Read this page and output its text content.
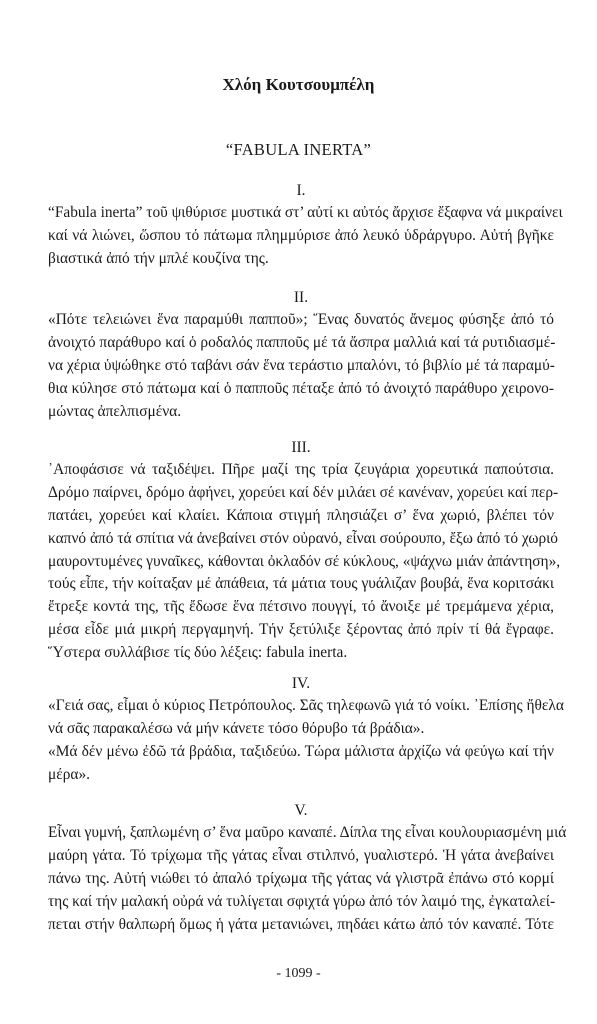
Χλόη Κουτσουμπέλη
“FABULA INERTA”
I.

“Fabula inerta” τοῦ ψιθύρισε μυστικά στ’ αὐτί κι αὐτός ἄρχισε ἔξαφνα νά μικραίνει

καί νά λιώνει, ὥσπου τό πάτωμα πλημμύρισε ἀπό λευκό ὑδράργυρο. Αὐτή βγῆκε

βιαστικά ἀπό τήν μπλέ κουζίνα της.

II.

«Πότε τελειώνει ἕνα παραμύθι παπποῦ»; Ἕνας δυνατός ἄνεμος φύσηξε ἀπό τό

ἀνοιχτό παράθυρο καί ὁ ροδαλός παπποῦς μέ τά ἄσπρα μαλλιά καί τά ρυτιδιασμέ-

να χέρια ὑψώθηκε στό ταβάνι σάν ἕνα τεράστιο μπαλόνι, τό βιβλίο μέ τά παραμύ-

θια κύλησε στό πάτωμα καί ὁ παπποῦς πέταξε ἀπό τό ἀνοιχτό παράθυρο χειρονο-

μώντας ἀπελπισμένα.

III.

᾿Αποφάσισε νά ταξιδέψει. Πῆρε μαζί της τρία ζευγάρια χορευτικά παπούτσια.

Δρόμο παίρνει, δρόμο ἀφήνει, χορεύει καί δέν μιλάει σέ κανέναν, χορεύει καί περ-

πατάει, χορεύει καί κλαίει. Κάποια στιγμή πλησιάζει σ’ ἕνα χωριό, βλέπει τόν

καπνό ἀπό τά σπίτια νά ἀνεβαίνει στόν οὐρανό, εἶναι σούρουπο, ἔξω ἀπό τό χωριό

μαυροντυμένες γυναῖκες, κάθονται ὀκλαδόν σέ κύκλους, «ψάχνω μιάν ἀπάντηση»,

τούς εἶπε, τήν κοίταξαν μέ ἀπάθεια, τά μάτια τους γυάλιζαν βουβά, ἕνα κοριτσάκι

ἔτρεξε κοντά της, τῆς ἔδωσε ἕνα πέτσινο πουγγί, τό ἄνοιξε μέ τρεμάμενα χέρια,

μέσα εἶδε μιά μικρή περγαμηνή. Τήν ξετύλιξε ξέροντας ἀπό πρίν τί θά ἔγραφε.

Ὕστερα συλλάβισε τίς δύο λέξεις: fabula inerta.

IV.

«Γειά σας, εἶμαι ὁ κύριος Πετρόπουλος. Σᾶς τηλεφωνῶ γιά τό νοίκι. ᾿Επίσης ἤθελα

νά σᾶς παρακαλέσω νά μήν κάνετε τόσο θόρυβο τά βράδια».

«Μά δέν μένω ἐδῶ τά βράδια, ταξιδεύω. Τώρα μάλιστα ἀρχίζω νά φεύγω καί τήν

μέρα».

V.

Εἶναι γυμνή, ξαπλωμένη σ’ ἕνα μαῦρο καναπέ. Δίπλα της εἶναι κουλουριασμένη μιά

μαύρη γάτα. Τό τρίχωμα τῆς γάτας εἶναι στιλπνό, γυαλιστερό. Ἡ γάτα ἀνεβαίνει

πάνω της. Αὐτή νιώθει τό ἀπαλό τρίχωμα τῆς γάτας νά γλιστρᾶ ἐπάνω στό κορμί

της καί τήν μαλακή οὐρά νά τυλίγεται σφιχτά γύρω ἀπό τόν λαιμό της, ἐγκαταλεί-

πεται στήν θαλπωρή ὅμως ἡ γάτα μετανιώνει, πηδάει κάτω ἀπό τόν καναπέ. Τότε

- 1099 -
